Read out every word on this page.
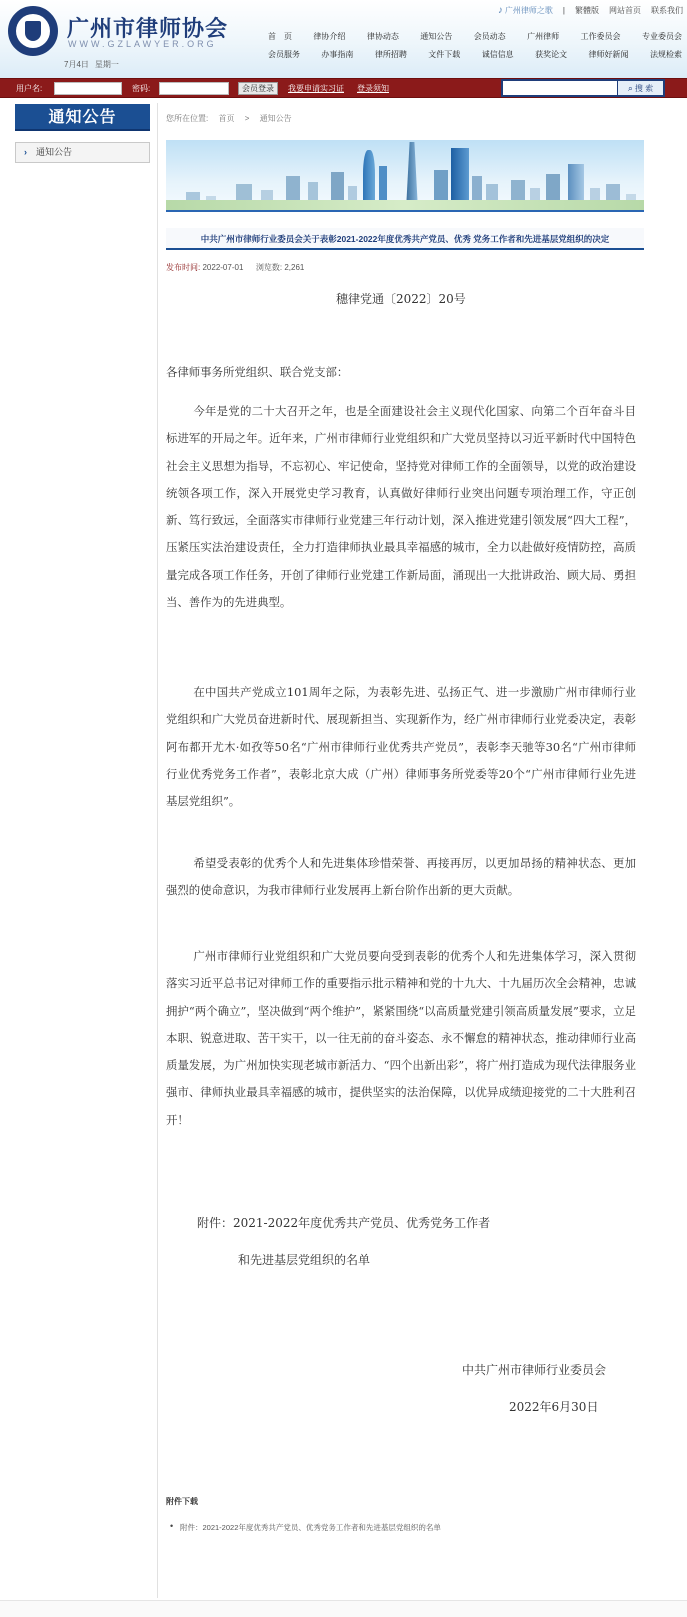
广州市律师协会
WWW.GZLAWYER.ORG
7月4日 星期一
♪ 广州律师之歌 | 繁體版 网站首页 联系我们
首　页	律协介绍	律协动态	通知公告	会员动态	广州律师	工作委员会	专业委员会
会员服务	办事指南	律所招聘	文件下载	诚信信息	获奖论文	律师好新闻	法规检索
用户名:	密码:	会员登录	我要申请实习证 登录须知	⌕ 搜 索
通知公告
› 通知公告
您所在位置: 首页 > 通知公告
中共广州市律师行业委员会关于表彰2021-2022年度优秀共产党员、优秀 党务工作者和先进基层党组织的决定
发布时间: 2022-07-01 浏览数: 2,261
穗律党通〔2022〕20号
各律师事务所党组织、联合党支部：
今年是党的二十大召开之年，也是全面建设社会主义现代化国家、向第二个百年奋斗目标进军的开局之年。近年来，广州市律师行业党组织和广大党员坚持以习近平新时代中国特色社会主义思想为指导，不忘初心、牢记使命，坚持党对律师工作的全面领导，以党的政治建设统领各项工作，深入开展党史学习教育，认真做好律师行业突出问题专项治理工作，守正创新、笃行致远，全面落实市律师行业党建三年行动计划，深入推进党建引领发展“四大工程”，压紧压实法治建设责任，全力打造律师执业最具幸福感的城市，全力以赴做好疫情防控，高质量完成各项工作任务，开创了律师行业党建工作新局面，涌现出一大批讲政治、顾大局、勇担当、善作为的先进典型。
在中国共产党成立101周年之际，为表彰先进、弘扬正气、进一步激励广州市律师行业党组织和广大党员奋进新时代、展现新担当、实现新作为，经广州市律师行业党委决定，表彰阿布都开尤木·如孜等50名“广州市律师行业优秀共产党员”，表彰李天驰等30名“广州市律师行业优秀党务工作者”，表彰北京大成（广州）律师事务所党委等20个“广州市律师行业先进基层党组织”。
希望受表彰的优秀个人和先进集体珍惜荣誉、再接再厉，以更加昂扬的精神状态、更加强烈的使命意识，为我市律师行业发展再上新台阶作出新的更大贡献。
广州市律师行业党组织和广大党员要向受到表彰的优秀个人和先进集体学习，深入贯彻落实习近平总书记对律师工作的重要指示批示精神和党的十九大、十九届历次全会精神，忠诚拥护“两个确立”，坚决做到“两个维护”，紧紧围绕“以高质量党建引领高质量发展”要求，立足本职、锐意进取、苦干实干，以一往无前的奋斗姿态、永不懈怠的精神状态，推动律师行业高质量发展，为广州加快实现老城市新活力、“四个出新出彩”，将广州打造成为现代法律服务业强市、律师执业最具幸福感的城市，提供坚实的法治保障，以优异成绩迎接党的二十大胜利召开！
附件：2021-2022年度优秀共产党员、优秀党务工作者
和先进基层党组织的名单
中共广州市律师行业委员会
2022年6月30日
附件下载
• 附件：2021-2022年度优秀共产党员、优秀党务工作者和先进基层党组织的名单
